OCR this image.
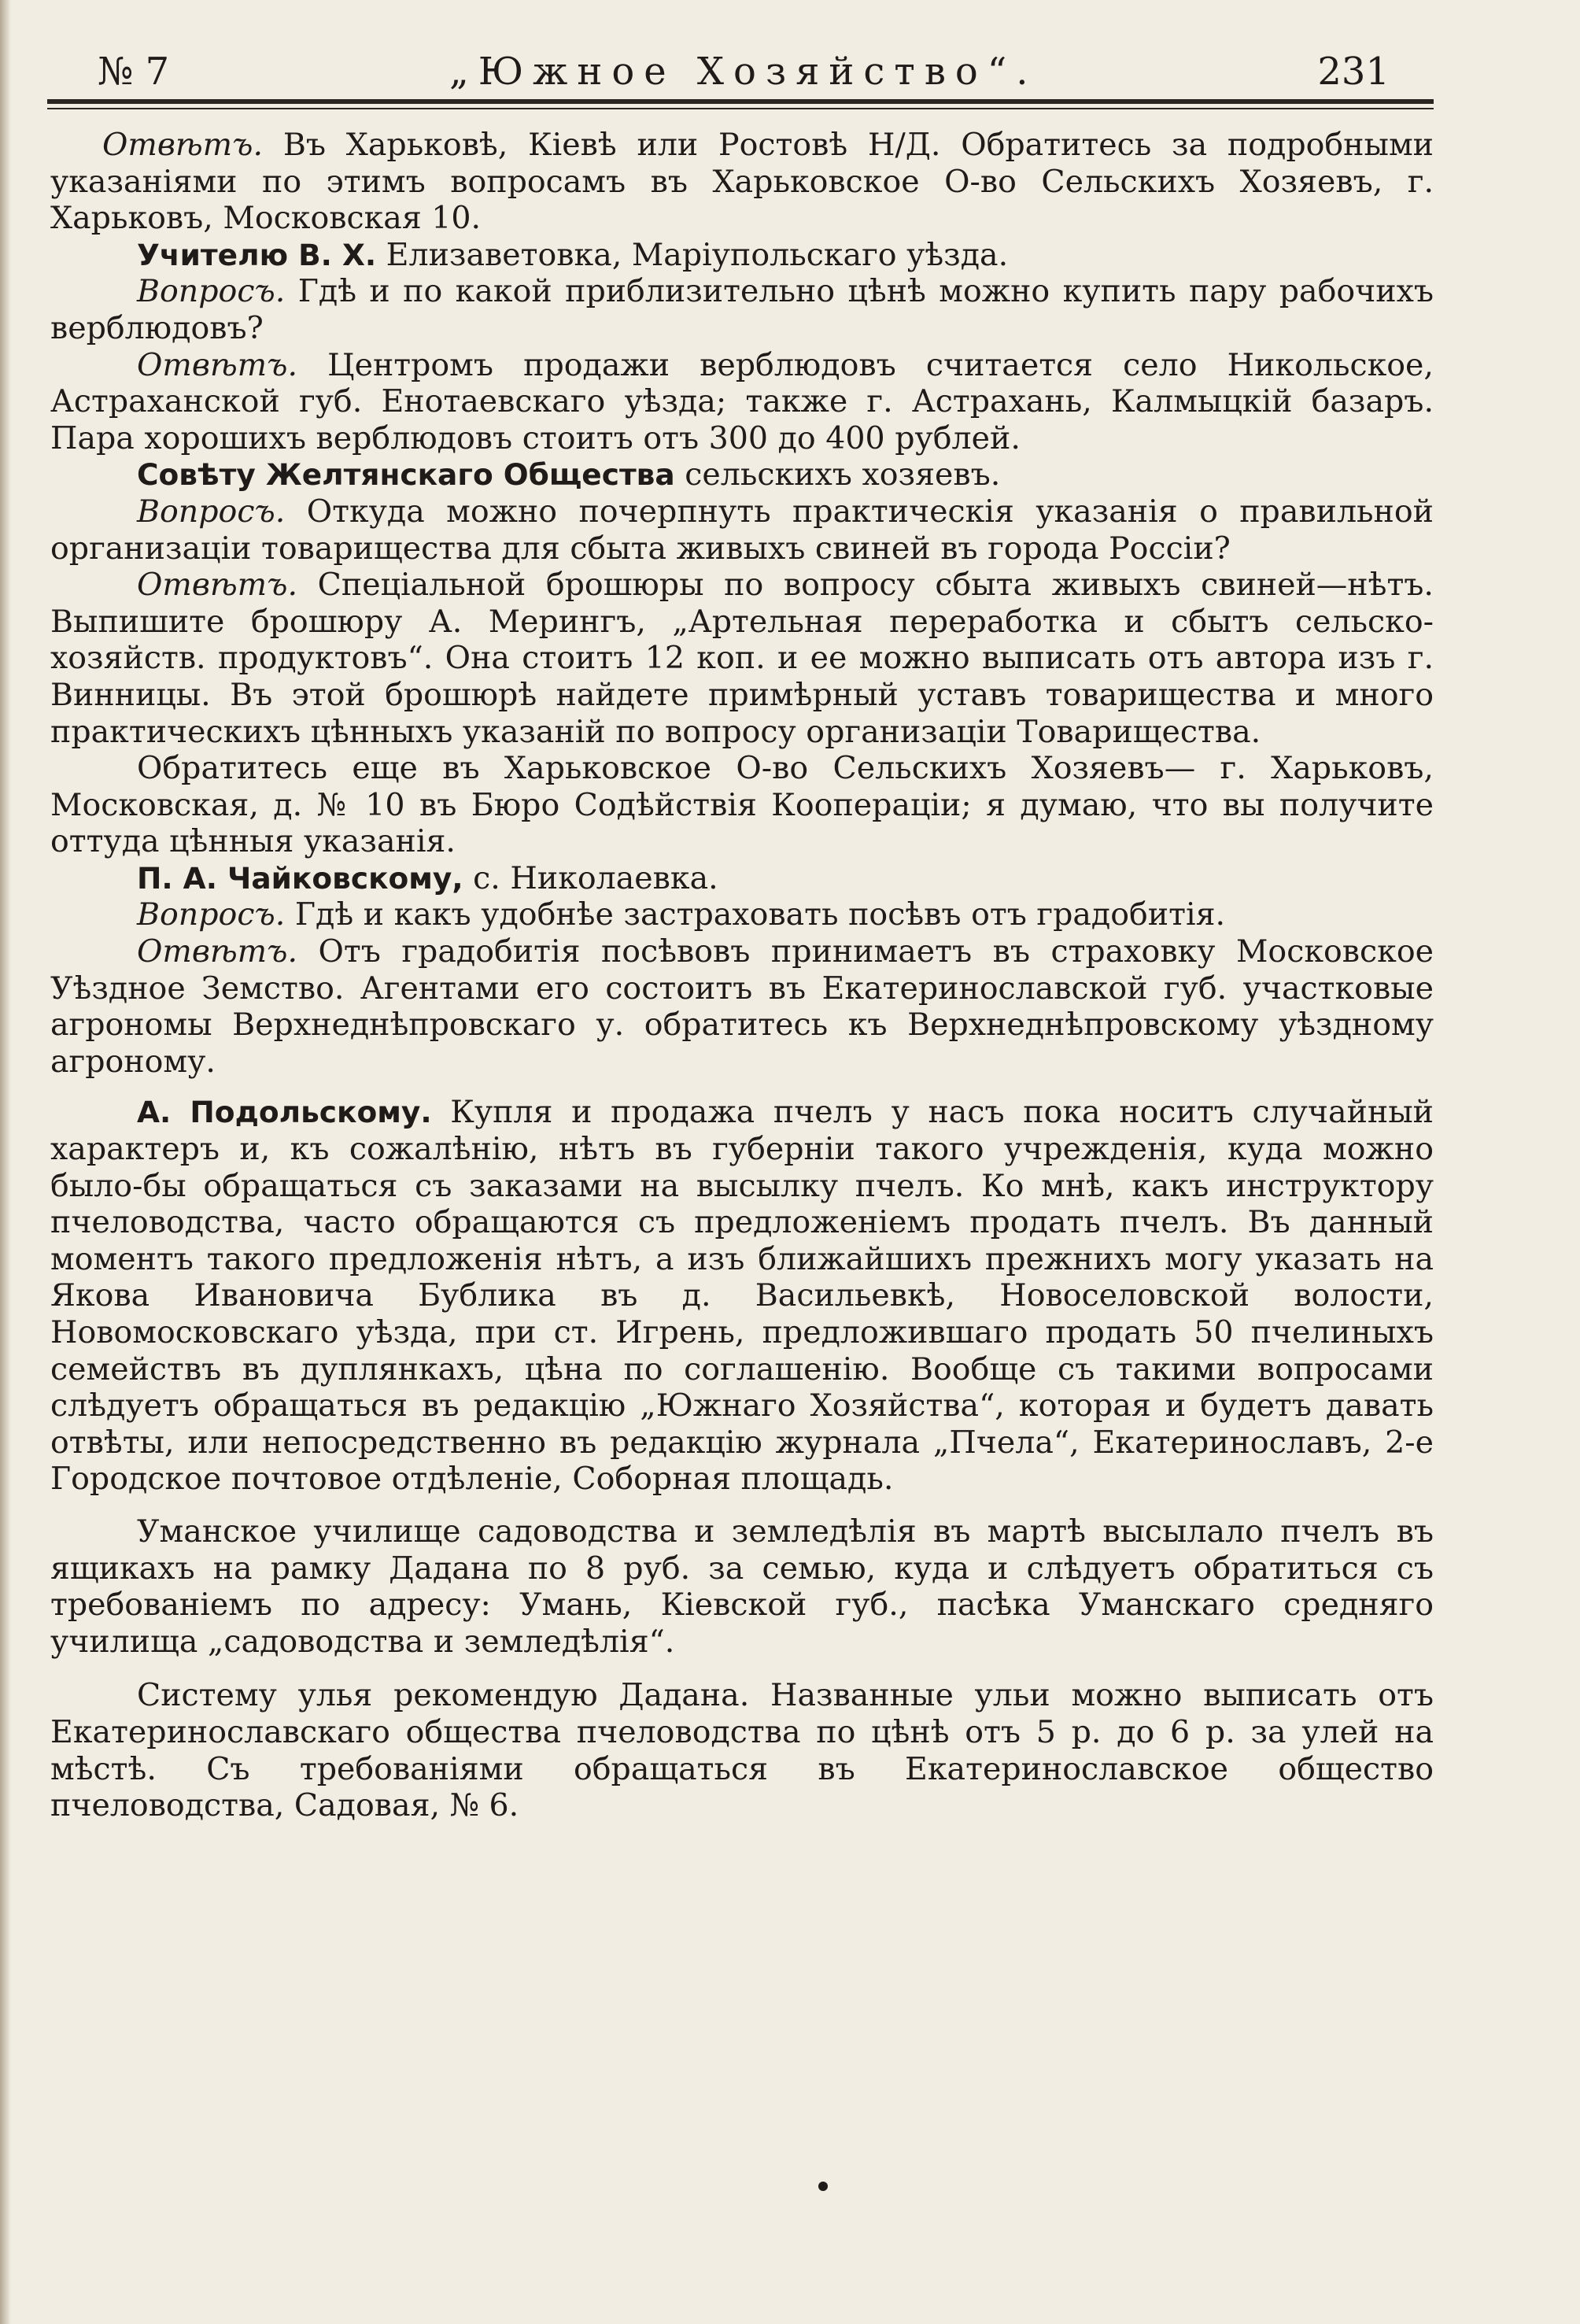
№ 7	„Южное Хозяйство“.	231

Отвѣтъ. Въ Харьковѣ, Кіевѣ или Ростовѣ Н/Д. Обратитесь за подробными указаніями по этимъ вопросамъ въ Харьковское О-во Сельскихъ Хозяевъ, г. Харьковъ, Московская 10.

Учителю В. Х. Елизаветовка, Маріупольскаго уѣзда.

Вопросъ. Гдѣ и по какой приблизительно цѣнѣ можно купить пару рабочихъ верблюдовъ?

Отвѣтъ. Центромъ продажи верблюдовъ считается село Никольское, Астраханской губ. Енотаевскаго уѣзда; также г. Астрахань, Калмыцкій базаръ. Пара хорошихъ верблюдовъ стоитъ отъ 300 до 400 рублей.

Совѣту Желтянскаго Общества сельскихъ хозяевъ.

Вопросъ. Откуда можно почерпнуть практическія указанія о правильной организаціи товарищества для сбыта живыхъ свиней въ города Россіи?

Отвѣтъ. Спеціальной брошюры по вопросу сбыта живыхъ свиней—нѣтъ. Выпишите брошюру А. Мерингъ, „Артельная переработка и сбытъ сельско-хозяйств. продуктовъ“. Она стоитъ 12 коп. и ее можно выписать отъ автора изъ г. Винницы. Въ этой брошюрѣ найдете примѣрный уставъ товарищества и много практическихъ цѣнныхъ указаній по вопросу организаціи Товарищества.

Обратитесь еще въ Харьковское О-во Сельскихъ Хозяевъ— г. Харьковъ, Московская, д. № 10 въ Бюро Содѣйствія Коопераціи; я думаю, что вы получите оттуда цѣнныя указанія.

П. А. Чайковскому, с. Николаевка.

Вопросъ. Гдѣ и какъ удобнѣе застраховать посѣвъ отъ градобитія.

Отвѣтъ. Отъ градобитія посѣвовъ принимаетъ въ страховку Московское Уѣздное Земство. Агентами его состоитъ въ Екатеринославской губ. участковые агрономы Верхнеднѣпровскаго у. обратитесь къ Верхнеднѣпровскому уѣздному агроному.

А. Подольскому. Купля и продажа пчелъ у насъ пока носитъ случайный характеръ и, къ сожалѣнію, нѣтъ въ губерніи такого учрежденія, куда можно было-бы обращаться съ заказами на высылку пчелъ. Ко мнѣ, какъ инструктору пчеловодства, часто обращаются съ предложеніемъ продать пчелъ. Въ данный моментъ такого предложенія нѣтъ, а изъ ближайшихъ прежнихъ могу указать на Якова Ивановича Бублика въ д. Васильевкѣ, Новоселовской волости, Новомосковскаго уѣзда, при ст. Игрень, предложившаго продать 50 пчелиныхъ семействъ въ дуплянкахъ, цѣна по соглашенію. Вообще съ такими вопросами слѣдуетъ обращаться въ редакцію „Южнаго Хозяйства“, которая и будетъ давать отвѣты, или непосредственно въ редакцію журнала „Пчела“, Екатеринославъ, 2-е Городское почтовое отдѣленіе, Соборная площадь.

Уманское училище садоводства и земледѣлія въ мартѣ высылало пчелъ въ ящикахъ на рамку Дадана по 8 руб. за семью, куда и слѣдуетъ обратиться съ требованіемъ по адресу: Умань, Кіевской губ., пасѣка Уманскаго средняго училища „садоводства и земледѣлія“.

Систему улья рекомендую Дадана. Названные ульи можно выписать отъ Екатеринославскаго общества пчеловодства по цѣнѣ отъ 5 р. до 6 р. за улей на мѣстѣ. Съ требованіями обращаться въ Екатеринославское общество пчеловодства, Садовая, № 6.
